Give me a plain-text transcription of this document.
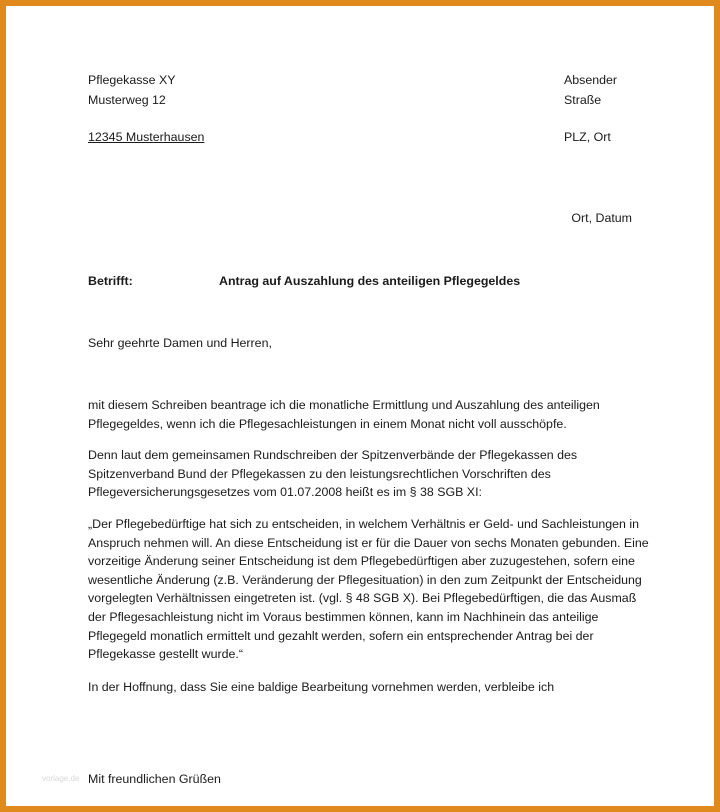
Pflegekasse XY
Musterweg 12
12345 Musterhausen
Absender
Straße
PLZ, Ort
Ort, Datum
Betrifft:	Antrag auf Auszahlung des anteiligen Pflegegeldes
Sehr geehrte Damen und Herren,
mit diesem Schreiben beantrage ich die monatliche Ermittlung und Auszahlung des anteiligen
Pflegegeldes, wenn ich die Pflegesachleistungen in einem Monat nicht voll ausschöpfe.
Denn laut dem gemeinsamen Rundschreiben der Spitzenverbände der Pflegekassen des
Spitzenverband Bund der Pflegekassen zu den leistungsrechtlichen Vorschriften des
Pflegeversicherungsgesetzes vom 01.07.2008 heißt es im § 38 SGB XI:
„Der Pflegebedürftige hat sich zu entscheiden, in welchem Verhältnis er Geld- und Sachleistungen in
Anspruch nehmen will. An diese Entscheidung ist er für die Dauer von sechs Monaten gebunden. Eine
vorzeitige Änderung seiner Entscheidung ist dem Pflegebedürftigen aber zuzugestehen, sofern eine
wesentliche Änderung (z.B. Veränderung der Pflegesituation) in den zum Zeitpunkt der Entscheidung
vorgelegten Verhältnissen eingetreten ist. (vgl. § 48 SGB X). Bei Pflegebedürftigen, die das Ausmaß
der Pflegesachleistung nicht im Voraus bestimmen können, kann im Nachhinein das anteilige
Pflegegeld monatlich ermittelt und gezahlt werden, sofern ein entsprechender Antrag bei der
Pflegekasse gestellt wurde.“
In der Hoffnung, dass Sie eine baldige Bearbeitung vornehmen werden, verbleibe ich
vorlage.de Mit freundlichen Grüßen
